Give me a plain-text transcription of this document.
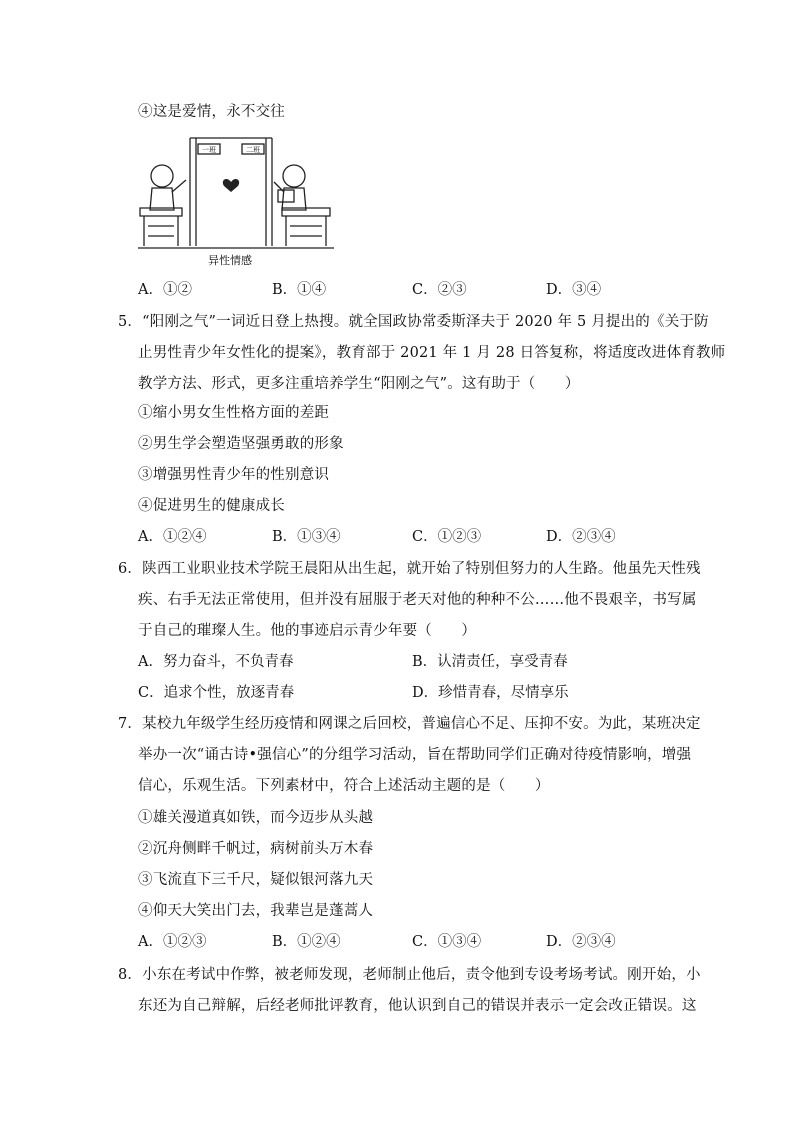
④这是爱情，永不交往
一班	二班
异性情感
A．①②	B．①④	C．②③	D．③④
5．“阳刚之气”一词近日登上热搜。就全国政协常委斯泽夫于 2020 年 5 月提出的《关于防
止男性青少年女性化的提案》，教育部于 2021 年 1 月 28 日答复称，将适度改进体育教师
教学方法、形式，更多注重培养学生“阳刚之气”。这有助于（　　）
①缩小男女生性格方面的差距
②男生学会塑造坚强勇敢的形象
③增强男性青少年的性别意识
④促进男生的健康成长
A．①②④	B．①③④	C．①②③	D．②③④
6．陕西工业职业技术学院王晨阳从出生起，就开始了特别但努力的人生路。他虽先天性残
疾、右手无法正常使用，但并没有屈服于老天对他的种种不公……他不畏艰辛，书写属
于自己的璀璨人生。他的事迹启示青少年要（　　）
A．努力奋斗，不负青春	B．认清责任，享受青春
C．追求个性，放逐青春	D．珍惜青春，尽情享乐
7．某校九年级学生经历疫情和网课之后回校，普遍信心不足、压抑不安。为此，某班决定
举办一次“诵古诗•强信心”的分组学习活动，旨在帮助同学们正确对待疫情影响，增强
信心，乐观生活。下列素材中，符合上述活动主题的是（　　）
①雄关漫道真如铁，而今迈步从头越
②沉舟侧畔千帆过，病树前头万木春
③飞流直下三千尺，疑似银河落九天
④仰天大笑出门去，我辈岂是蓬蒿人
A．①②③	B．①②④	C．①③④	D．②③④
8．小东在考试中作弊，被老师发现，老师制止他后，责令他到专设考场考试。刚开始，小
东还为自己辩解，后经老师批评教育，他认识到自己的错误并表示一定会改正错误。这
